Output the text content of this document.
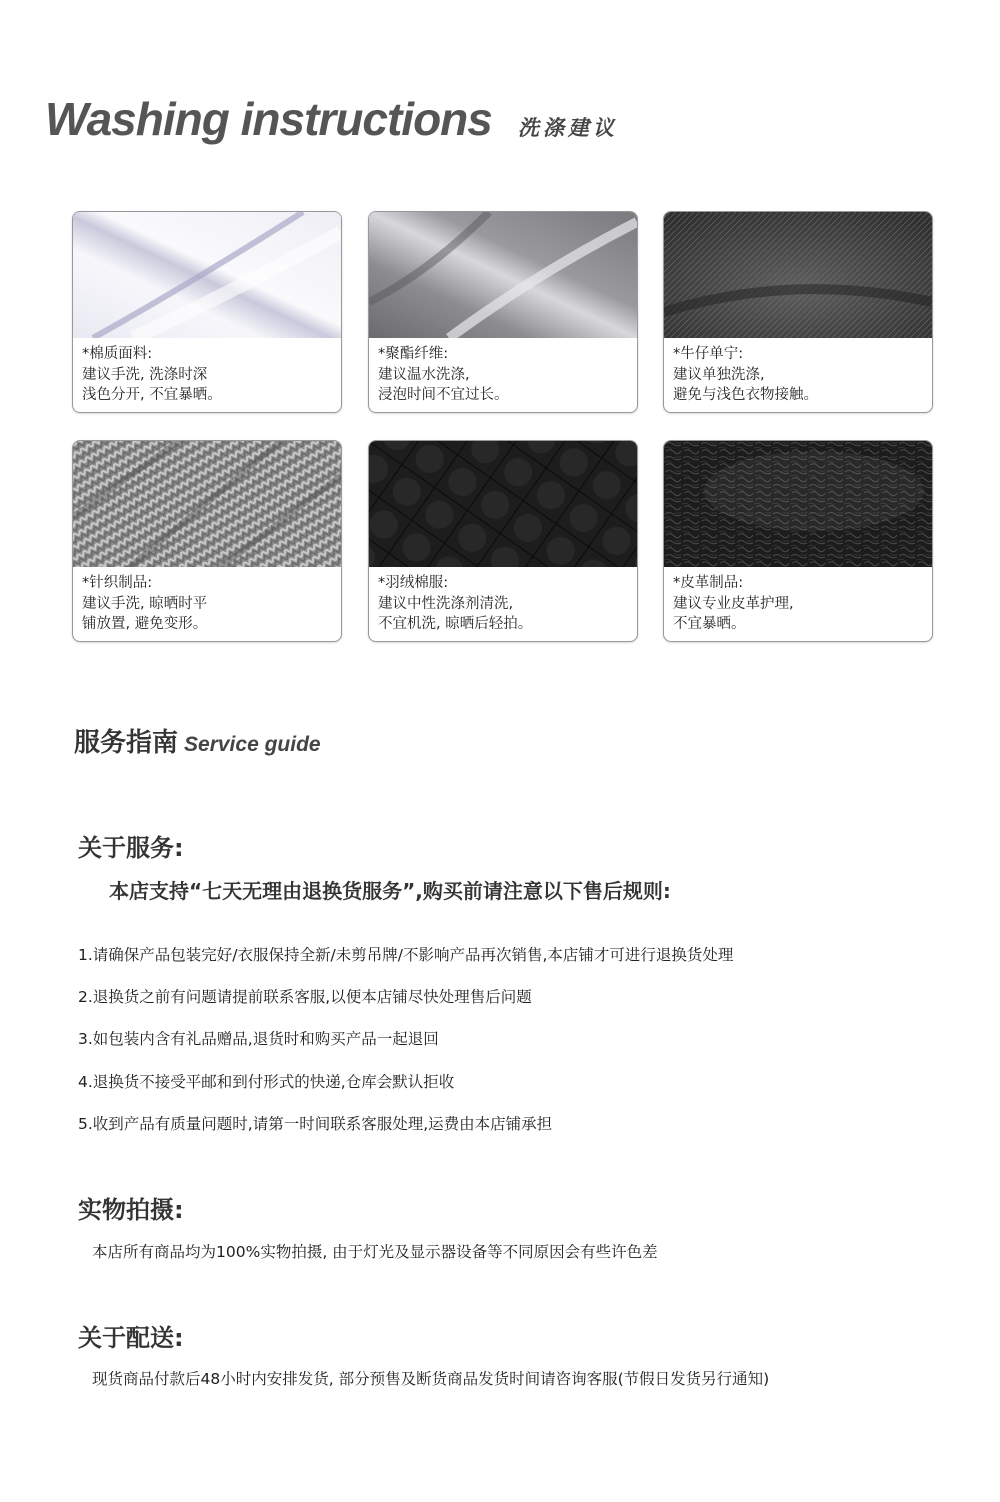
Washing instructions 洗涤建议
*棉质面料:
建议手洗, 洗涤时深
浅色分开, 不宜暴晒。
*聚酯纤维:
建议温水洗涤,
浸泡时间不宜过长。
*牛仔单宁:
建议单独洗涤,
避免与浅色衣物接触。
*针织制品:
建议手洗, 晾晒时平
铺放置, 避免变形。
*羽绒棉服:
建议中性洗涤剂清洗,
不宜机洗, 晾晒后轻拍。
*皮革制品:
建议专业皮革护理,
不宜暴晒。
服务指南 Service guide
关于服务:
本店支持“七天无理由退换货服务”,购买前请注意以下售后规则:
1.请确保产品包装完好/衣服保持全新/未剪吊牌/不影响产品再次销售,本店铺才可进行退换货处理
2.退换货之前有问题请提前联系客服,以便本店铺尽快处理售后问题
3.如包装内含有礼品赠品,退货时和购买产品一起退回
4.退换货不接受平邮和到付形式的快递,仓库会默认拒收
5.收到产品有质量问题时,请第一时间联系客服处理,运费由本店铺承担
实物拍摄:
本店所有商品均为100%实物拍摄, 由于灯光及显示器设备等不同原因会有些许色差
关于配送:
现货商品付款后48小时内安排发货, 部分预售及断货商品发货时间请咨询客服(节假日发货另行通知)
